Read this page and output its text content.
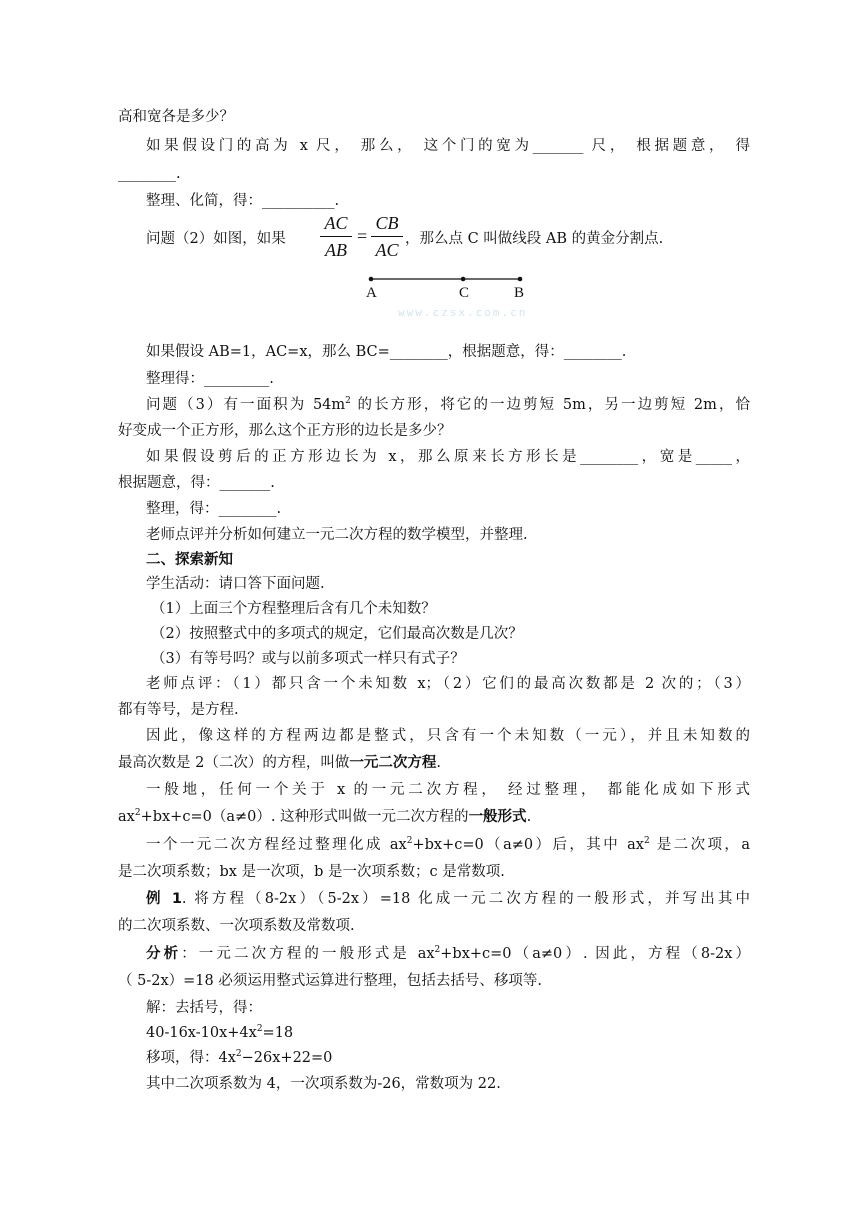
高和宽各是多少？
如果假设门的高为 x 尺， 那么， 这个门的宽为_______ 尺， 根据题意， 得
________.
整理、化简，得：__________.
问题（2）如图，如果
AC
AB
=
CB
AC
，那么点 C 叫做线段 AB 的黄金分割点.
A	C	B
www.czsx.com.cn
如果假设 AB=1，AC=x，那么 BC=________，根据题意，得：________.
整理得：_________.
问题（3）有一面积为 $54m^2$ 的长方形，将它的一边剪短 5m，另一边剪短 2m，恰
好变成一个正方形，那么这个正方形的边长是多少？
如果假设剪后的正方形边长为 x，那么原来长方形长是________，宽是_____，
根据题意，得：_______.
整理，得：________.
老师点评并分析如何建立一元二次方程的数学模型，并整理.
二、探索新知
学生活动：请口答下面问题.
（1）上面三个方程整理后含有几个未知数？
（2）按照整式中的多项式的规定，它们最高次数是几次？
（3）有等号吗？或与以前多项式一样只有式子？
老师点评：（1）都只含一个未知数 x；（2）它们的最高次数都是 2 次的；（3）
都有等号，是方程.
因此，像这样的方程两边都是整式，只含有一个未知数（一元），并且未知数的
最高次数是 2（二次）的方程，叫做一元二次方程.
一般地，任何一个关于 x 的一元二次方程， 经过整理， 都能化成如下形式
$ax^2+bx+c=0(a\ne 0)$. 这种形式叫做一元二次方程的一般形式.
一个一元二次方程经过整理化成 $ax^2+bx+c=0(a\ne 0)$后，其中 $ax^2$ 是二次项，a
是二次项系数；bx 是一次项，b 是一次项系数；c 是常数项.
例 1. 将方程（8-2x）（5-2x）=18 化成一元二次方程的一般形式，并写出其中
的二次项系数、一次项系数及常数项.
分析：一元二次方程的一般形式是 $ax^2+bx+c=0(a\ne 0)$. 因此，方程（8-2x）
（ 5-2x）=18 必须运用整式运算进行整理，包括去括号、移项等.
解：去括号，得：
$40-16x-10x+4x^2=18$
移项，得：$4x^2-26x+22=0$
其中二次项系数为 4，一次项系数为-26，常数项为 22.
